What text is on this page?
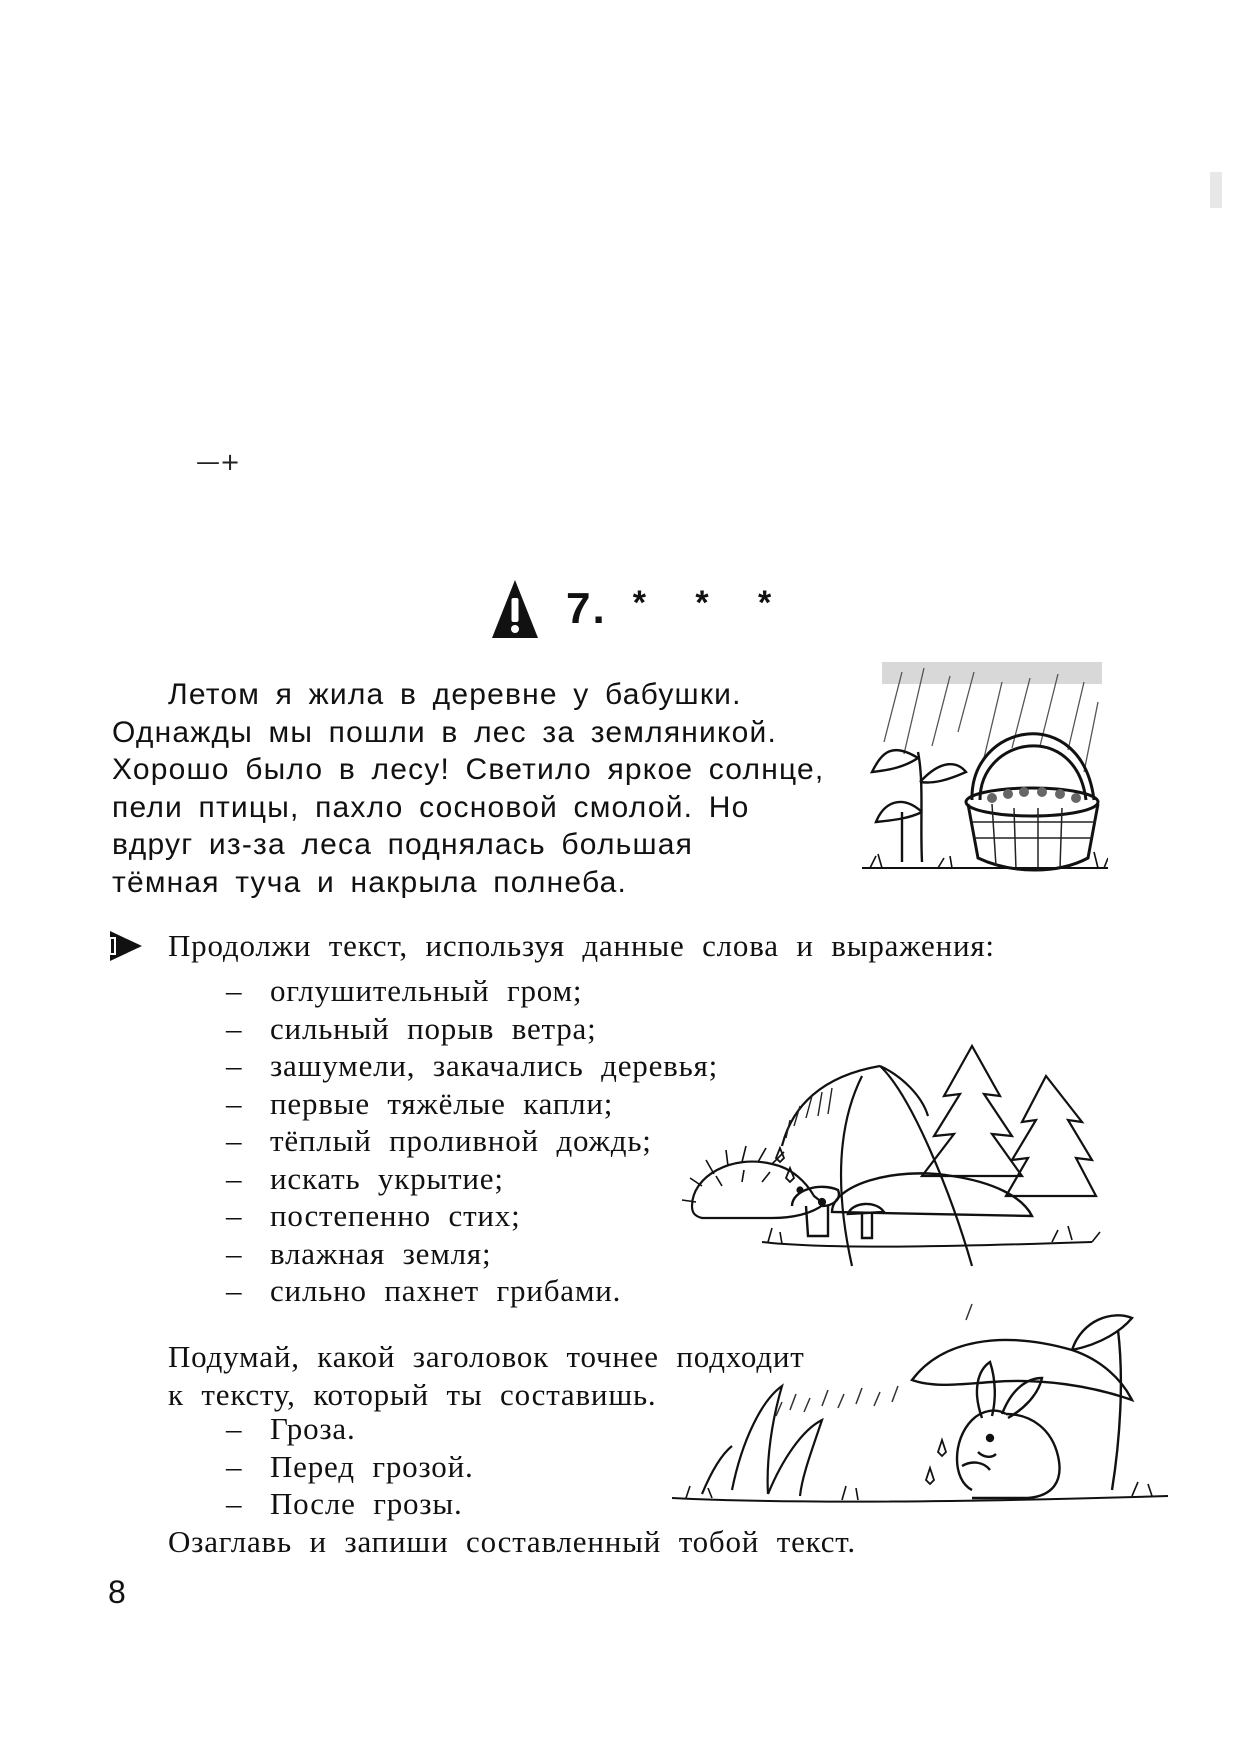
—+
7. * * *
Летом я жила в деревне у бабушки.
Однажды мы пошли в лес за земляникой.
Хорошо было в лесу! Светило яркое солнце,
пели птицы, пахло сосновой смолой. Но
вдруг из-за леса поднялась большая
тёмная туча и накрыла полнеба.
Продолжи текст, используя данные слова и выражения:
– оглушительный гром;
– сильный порыв ветра;
– зашумели, закачались деревья;
– первые тяжёлые капли;
– тёплый проливной дождь;
– искать укрытие;
– постепенно стих;
– влажная земля;
– сильно пахнет грибами.
Подумай, какой заголовок точнее подходит
к тексту, который ты составишь.
– Гроза.
– Перед грозой.
– После грозы.
Озаглавь и запиши составленный тобой текст.
8
